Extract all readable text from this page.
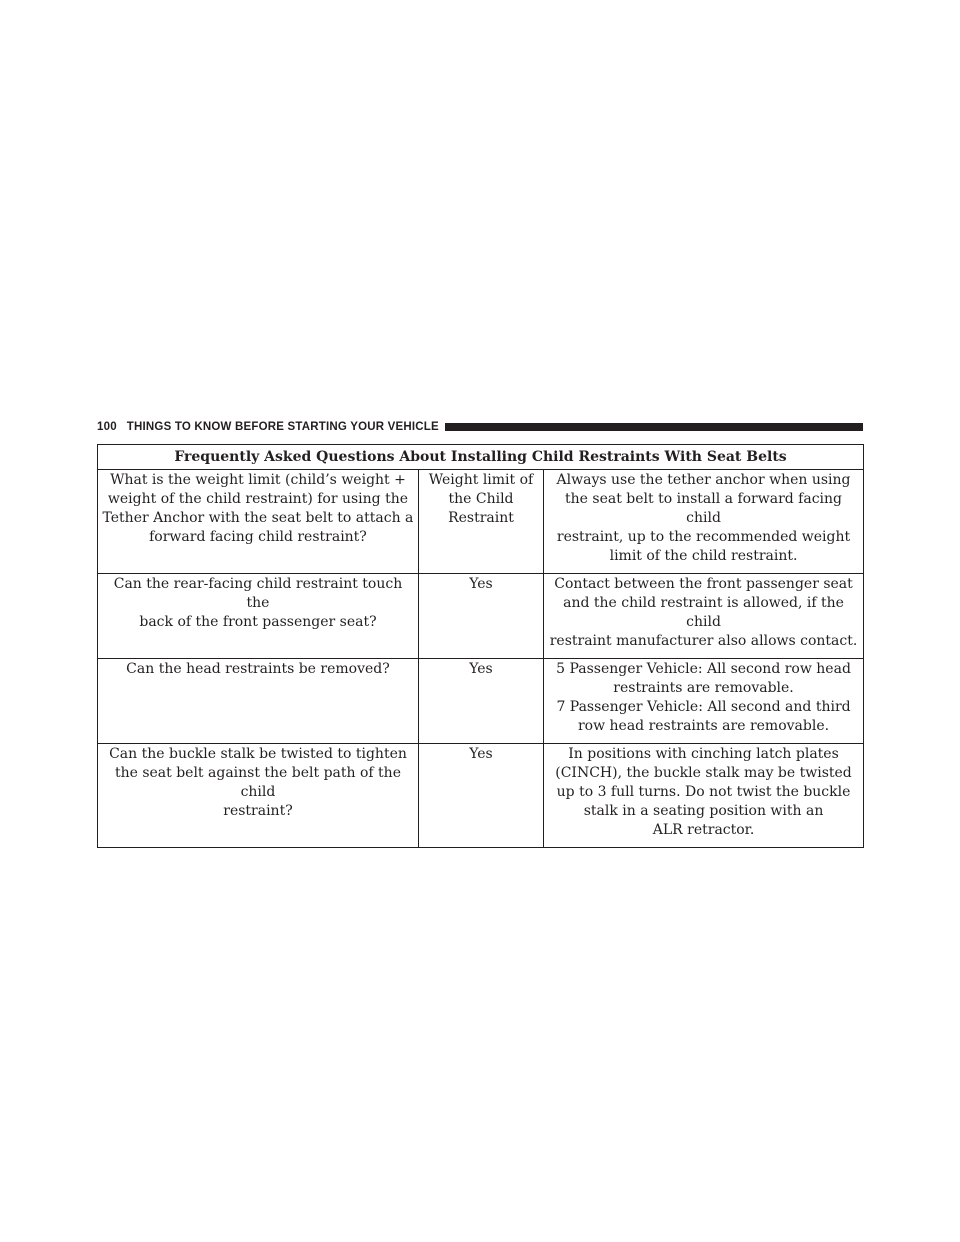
100 THINGS TO KNOW BEFORE STARTING YOUR VEHICLE
Frequently Asked Questions About Installing Child Restraints With Seat Belts		

What is the weight limit (child’s weight +
weight of the child restraint) for using the
Tether Anchor with the seat belt to attach a
forward facing child restraint?	Weight limit of
the Child
Restraint	Always use the tether anchor when using
the seat belt to install a forward facing child
restraint, up to the recommended weight
limit of the child restraint.

Can the rear-facing child restraint touch the
back of the front passenger seat?	Yes	Contact between the front passenger seat
and the child restraint is allowed, if the child
restraint manufacturer also allows contact.

Can the head restraints be removed?	Yes	5 Passenger Vehicle: All second row head
restraints are removable.
7 Passenger Vehicle: All second and third
row head restraints are removable.

Can the buckle stalk be twisted to tighten
the seat belt against the belt path of the child
restraint?	Yes	In positions with cinching latch plates
(CINCH), the buckle stalk may be twisted
up to 3 full turns. Do not twist the buckle
stalk in a seating position with an
ALR retractor.
